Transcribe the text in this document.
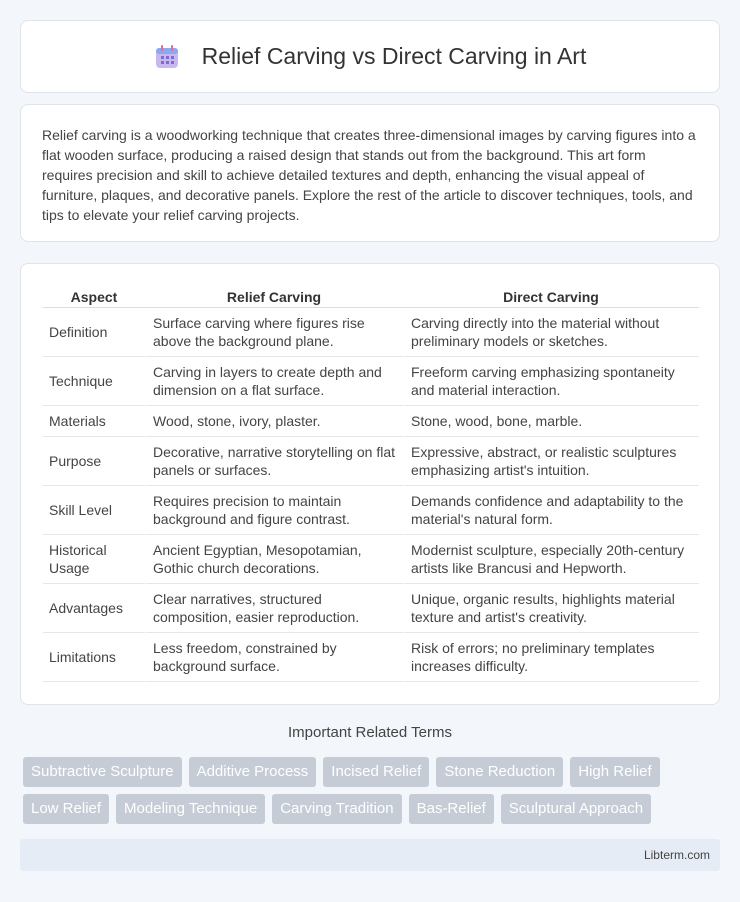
Relief Carving vs Direct Carving in Art

Relief carving is a woodworking technique that creates three-dimensional images by carving figures into a flat wooden surface, producing a raised design that stands out from the background. This art form requires precision and skill to achieve detailed textures and depth, enhancing the visual appeal of furniture, plaques, and decorative panels. Explore the rest of the article to discover techniques, tools, and tips to elevate your relief carving projects.

Aspect	Relief Carving	Direct Carving
Definition	Surface carving where figures rise above the background plane.	Carving directly into the material without preliminary models or sketches.
Technique	Carving in layers to create depth and dimension on a flat surface.	Freeform carving emphasizing spontaneity and material interaction.
Materials	Wood, stone, ivory, plaster.	Stone, wood, bone, marble.
Purpose	Decorative, narrative storytelling on flat panels or surfaces.	Expressive, abstract, or realistic sculptures emphasizing artist's intuition.
Skill Level	Requires precision to maintain background and figure contrast.	Demands confidence and adaptability to the material's natural form.
Historical Usage	Ancient Egyptian, Mesopotamian, Gothic church decorations.	Modernist sculpture, especially 20th-century artists like Brancusi and Hepworth.
Advantages	Clear narratives, structured composition, easier reproduction.	Unique, organic results, highlights material texture and artist's creativity.
Limitations	Less freedom, constrained by background surface.	Risk of errors; no preliminary templates increases difficulty.
Important Related Terms
Subtractive Sculpture	Additive Process	Incised Relief	Stone Reduction	High Relief
Low Relief	Modeling Technique	Carving Tradition	Bas-Relief	Sculptural Approach
Libterm.com
